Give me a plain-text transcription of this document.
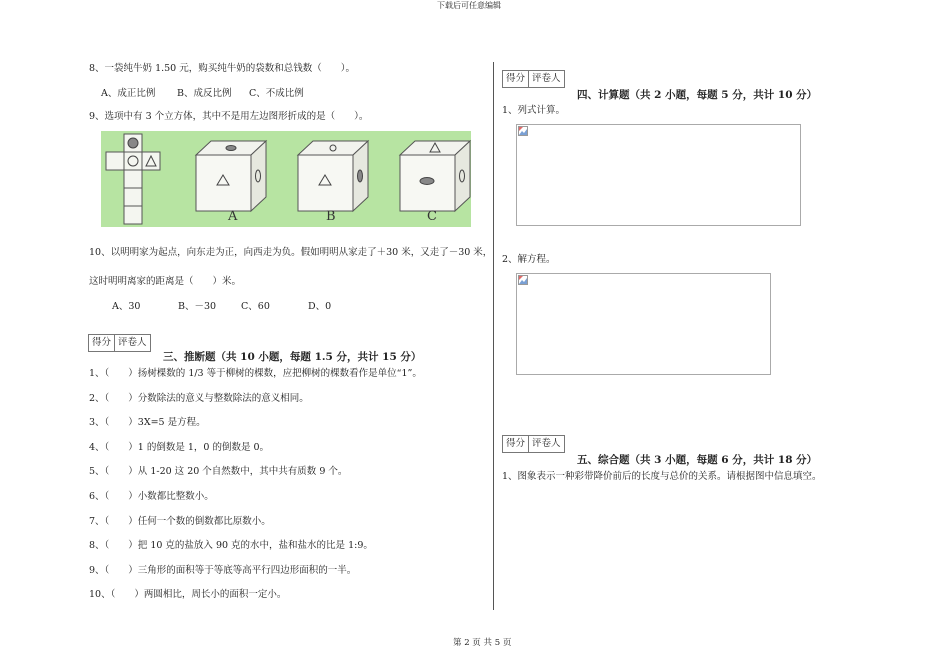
下载后可任意编辑
第 2 页 共 5 页
8、一袋纯牛奶 1.50 元，购买纯牛奶的袋数和总钱数（　　）。
A、成正比例 B、成反比例 C、不成比例
9、选项中有 3 个立方体，其中不是用左边图形折成的是（　　）。
A	B	C
10、以明明家为起点，向东走为正，向西走为负。假如明明从家走了＋30 米，又走了－30 米，
这时明明离家的距离是（　　）米。
A、30	B、－30	C、60	D、0
得分 评卷人
三、推断题（共 10 小题，每题 1.5 分，共计 15 分）
1、（　　）扬树棵数的 1/3 等于柳树的棵数，应把柳树的棵数看作是单位“1”。
2、（　　）分数除法的意义与整数除法的意义相同。
3、（　　）3X=5 是方程。
4、（　　）1 的倒数是 1，0 的倒数是 0。
5、（　　）从 1-20 这 20 个自然数中，其中共有质数 9 个。
6、（　　）小数都比整数小。
7、（　　）任何一个数的倒数都比原数小。
8、（　　）把 10 克的盐放入 90 克的水中，盐和盐水的比是 1:9。
9、（　　）三角形的面积等于等底等高平行四边形面积的一半。
10、（　　）两圆相比，周长小的面积一定小。
得分 评卷人
四、计算题（共 2 小题，每题 5 分，共计 10 分）
1、列式计算。
2、解方程。
得分 评卷人
五、综合题（共 3 小题，每题 6 分，共计 18 分）
1、图象表示一种彩带降价前后的长度与总价的关系。请根据图中信息填空。
